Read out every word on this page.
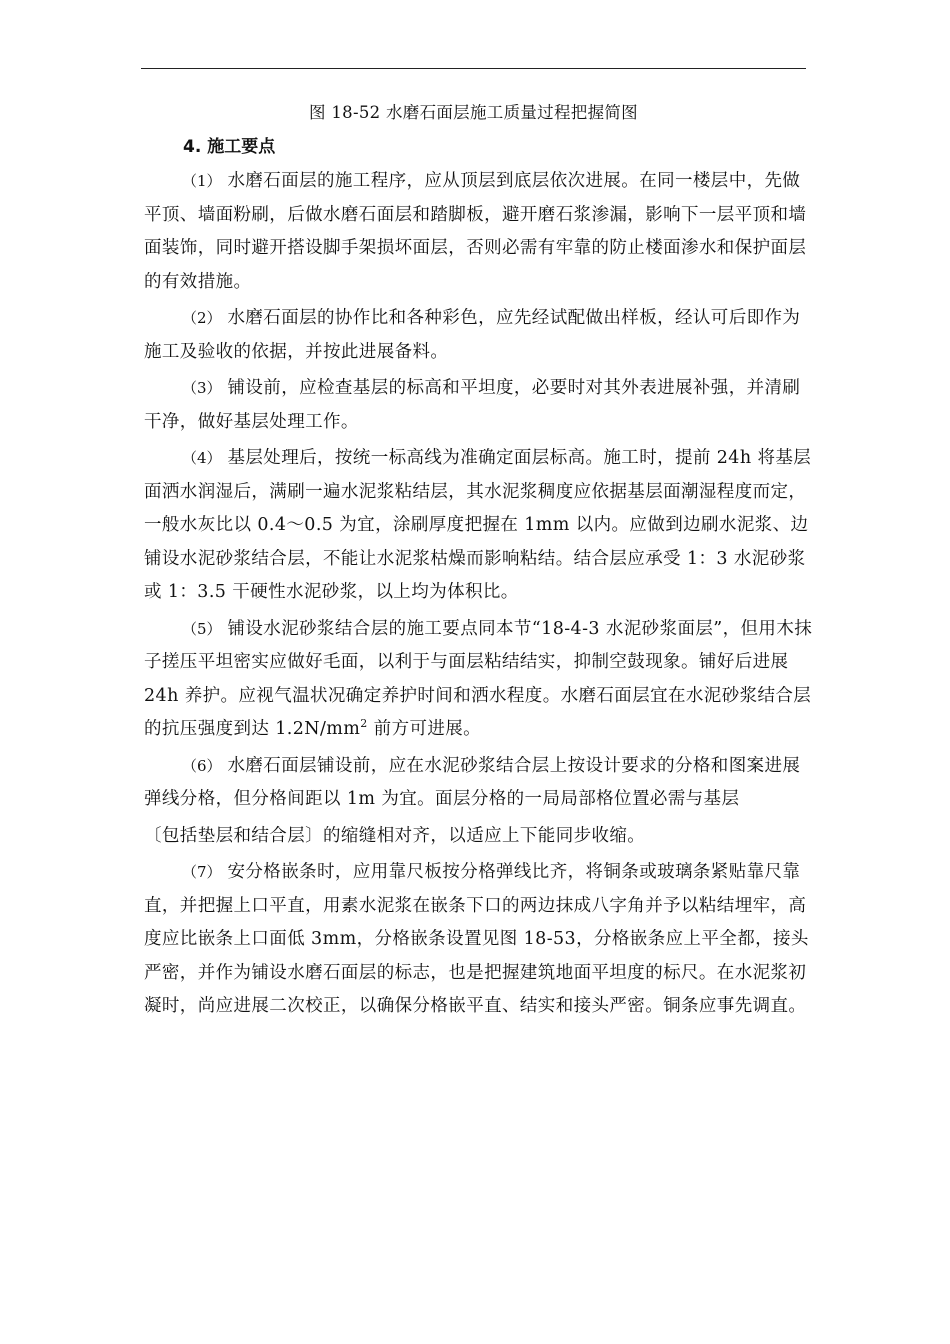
图 18-52 水磨石面层施工质量过程把握简图
4. 施工要点

（1） 水磨石面层的施工程序，应从顶层到底层依次进展。在同一楼层中，先做平顶、墙面粉刷，后做水磨石面层和踏脚板，避开磨石浆渗漏，影响下一层平顶和墙面装饰，同时避开搭设脚手架损坏面层，否则必需有牢靠的防止楼面渗水和保护面层的有效措施。

（2） 水磨石面层的协作比和各种彩色，应先经试配做出样板，经认可后即作为施工及验收的依据，并按此进展备料。

（3） 铺设前，应检查基层的标高和平坦度，必要时对其外表进展补强，并清刷干净，做好基层处理工作。

（4） 基层处理后，按统一标高线为准确定面层标高。施工时，提前 24h 将基层面洒水润湿后，满刷一遍水泥浆粘结层，其水泥浆稠度应依据基层面潮湿程度而定，一般水灰比以 0.4～0.5 为宜，涂刷厚度把握在 1mm 以内。应做到边刷水泥浆、边铺设水泥砂浆结合层，不能让水泥浆枯燥而影响粘结。结合层应承受 1：3 水泥砂浆或 1：3.5 干硬性水泥砂浆，以上均为体积比。

（5） 铺设水泥砂浆结合层的施工要点同本节“18-4-3 水泥砂浆面层”，但用木抹子搓压平坦密实应做好毛面，以利于与面层粘结结实，抑制空鼓现象。铺好后进展 24h 养护。应视气温状况确定养护时间和洒水程度。水磨石面层宜在水泥砂浆结合层的抗压强度到达 $1.2N/mm^2$ 前方可进展。

（6） 水磨石面层铺设前，应在水泥砂浆结合层上按设计要求的分格和图案进展弹线分格，但分格间距以 1m 为宜。面层分格的一局局部格位置必需与基层

〔包括垫层和结合层〕的缩缝相对齐，以适应上下能同步收缩。

（7） 安分格嵌条时，应用靠尺板按分格弹线比齐，将铜条或玻璃条紧贴靠尺靠直，并把握上口平直，用素水泥浆在嵌条下口的两边抹成八字角并予以粘结埋牢，高度应比嵌条上口面低 3mm，分格嵌条设置见图 18-53，分格嵌条应上平全都，接头严密，并作为铺设水磨石面层的标志，也是把握建筑地面平坦度的标尺。在水泥浆初凝时，尚应进展二次校正，以确保分格嵌平直、结实和接头严密。铜条应事先调直。
